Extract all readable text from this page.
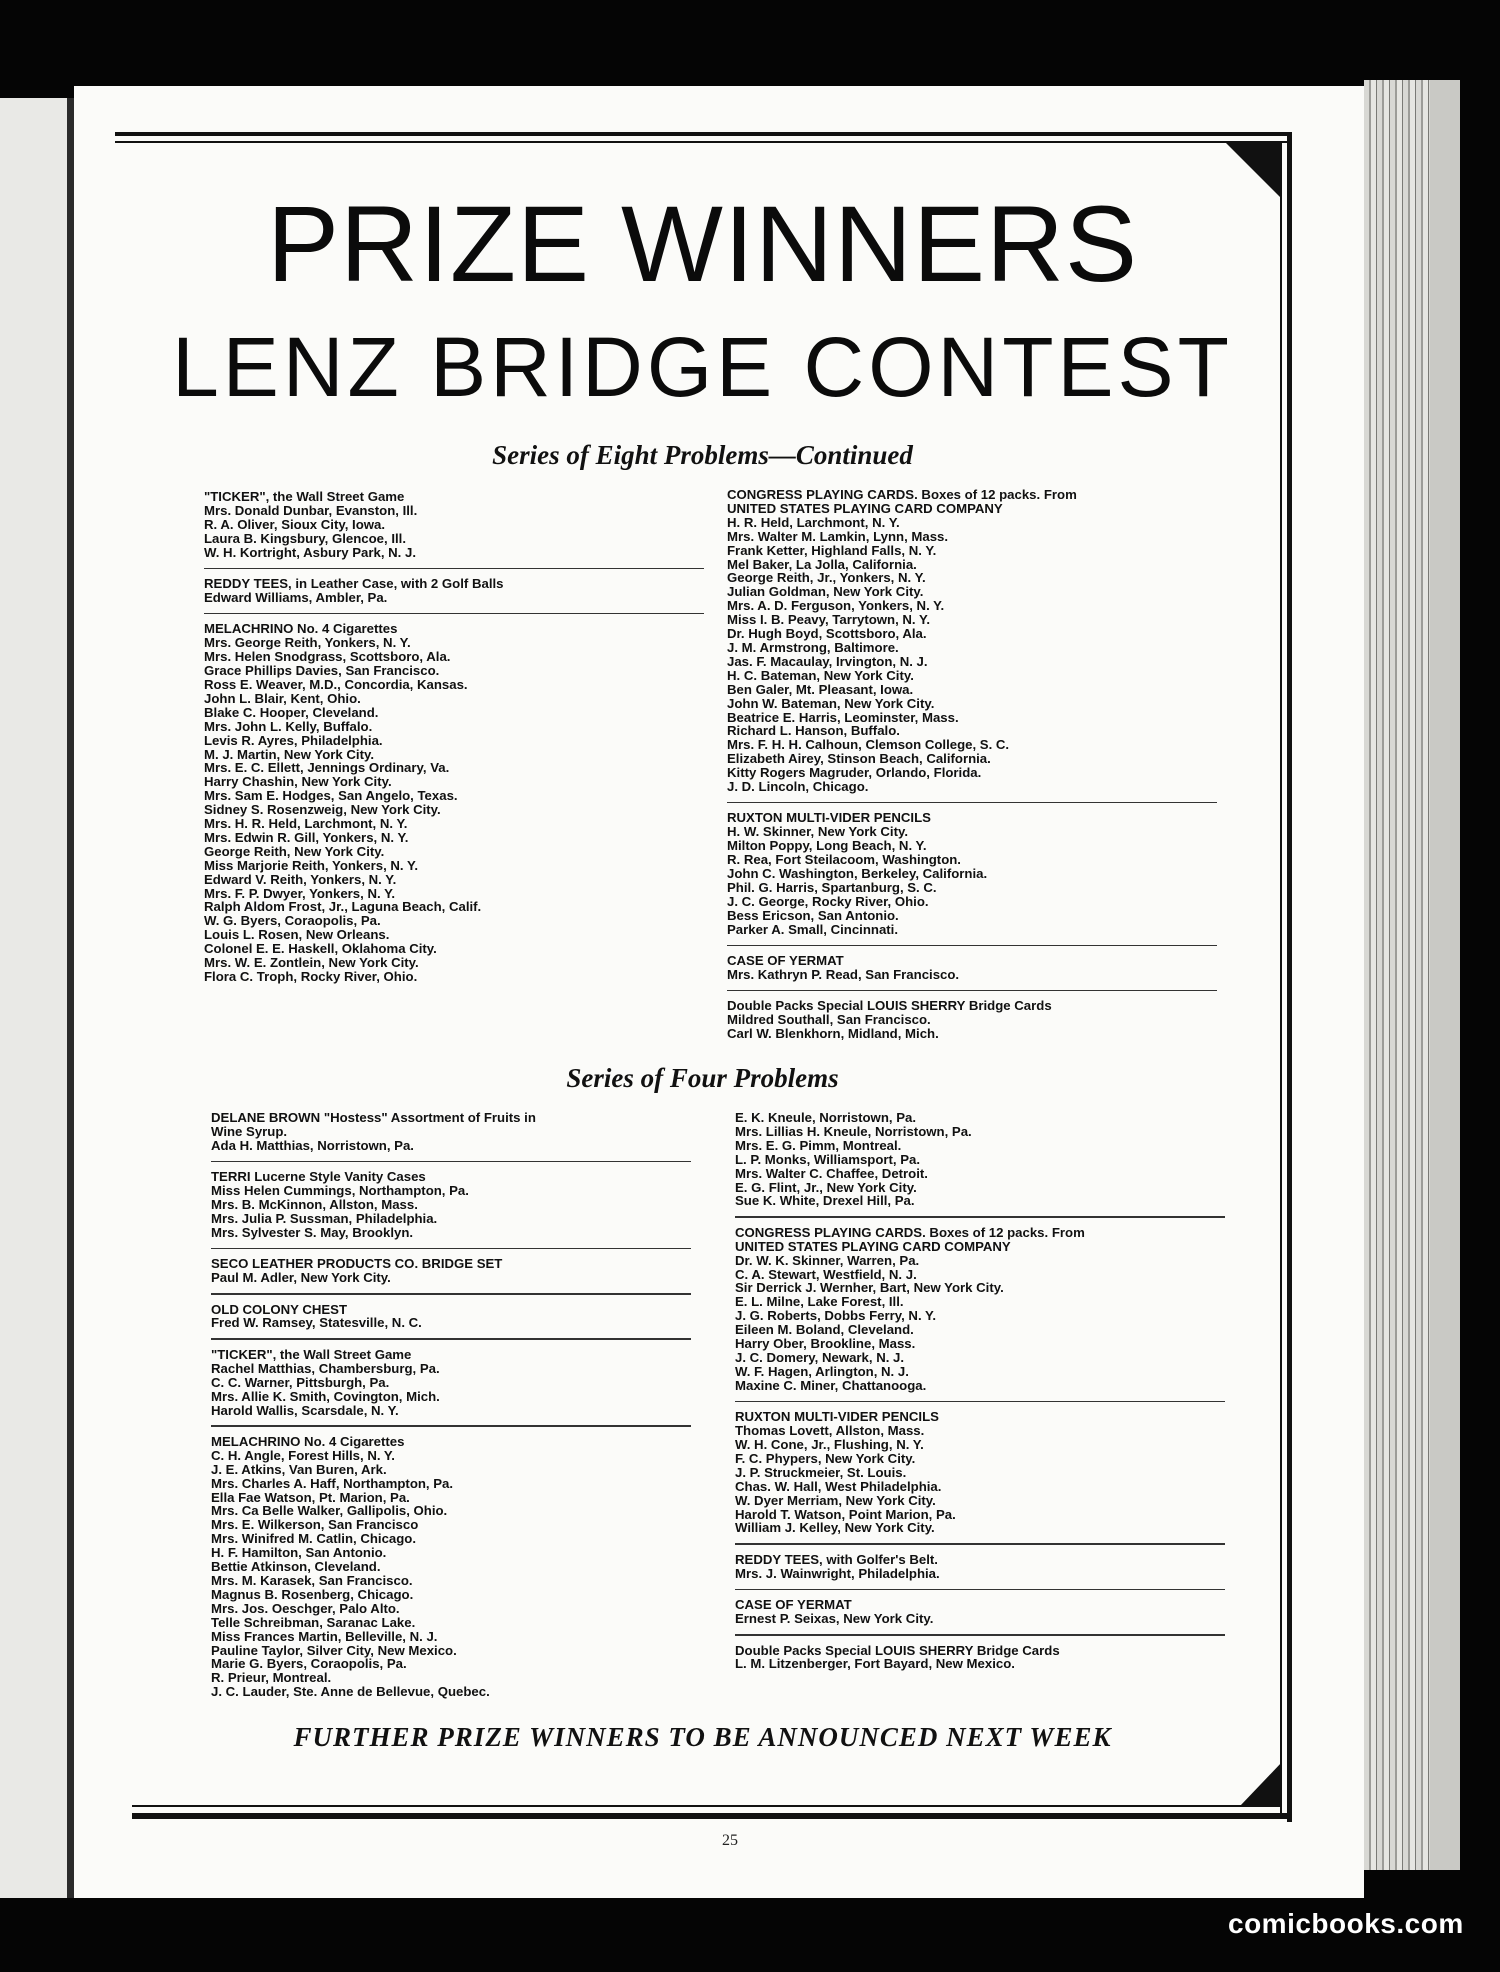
PRIZE WINNERS
LENZ BRIDGE CONTEST
Series of Eight Problems—Continued
"TICKER", the Wall Street Game
Mrs. Donald Dunbar, Evanston, Ill.
R. A. Oliver, Sioux City, Iowa.
Laura B. Kingsbury, Glencoe, Ill.
W. H. Kortright, Asbury Park, N. J.
REDDY TEES, in Leather Case, with 2 Golf Balls
Edward Williams, Ambler, Pa.
MELACHRINO No. 4 Cigarettes
Mrs. George Reith, Yonkers, N. Y.
Mrs. Helen Snodgrass, Scottsboro, Ala.
Grace Phillips Davies, San Francisco.
Ross E. Weaver, M.D., Concordia, Kansas.
John L. Blair, Kent, Ohio.
Blake C. Hooper, Cleveland.
Mrs. John L. Kelly, Buffalo.
Levis R. Ayres, Philadelphia.
M. J. Martin, New York City.
Mrs. E. C. Ellett, Jennings Ordinary, Va.
Harry Chashin, New York City.
Mrs. Sam E. Hodges, San Angelo, Texas.
Sidney S. Rosenzweig, New York City.
Mrs. H. R. Held, Larchmont, N. Y.
Mrs. Edwin R. Gill, Yonkers, N. Y.
George Reith, New York City.
Miss Marjorie Reith, Yonkers, N. Y.
Edward V. Reith, Yonkers, N. Y.
Mrs. F. P. Dwyer, Yonkers, N. Y.
Ralph Aldom Frost, Jr., Laguna Beach, Calif.
W. G. Byers, Coraopolis, Pa.
Louis L. Rosen, New Orleans.
Colonel E. E. Haskell, Oklahoma City.
Mrs. W. E. Zontlein, New York City.
Flora C. Troph, Rocky River, Ohio.
CONGRESS PLAYING CARDS. Boxes of 12 packs. From
UNITED STATES PLAYING CARD COMPANY
H. R. Held, Larchmont, N. Y.
Mrs. Walter M. Lamkin, Lynn, Mass.
Frank Ketter, Highland Falls, N. Y.
Mel Baker, La Jolla, California.
George Reith, Jr., Yonkers, N. Y.
Julian Goldman, New York City.
Mrs. A. D. Ferguson, Yonkers, N. Y.
Miss I. B. Peavy, Tarrytown, N. Y.
Dr. Hugh Boyd, Scottsboro, Ala.
J. M. Armstrong, Baltimore.
Jas. F. Macaulay, Irvington, N. J.
H. C. Bateman, New York City.
Ben Galer, Mt. Pleasant, Iowa.
John W. Bateman, New York City.
Beatrice E. Harris, Leominster, Mass.
Richard L. Hanson, Buffalo.
Mrs. F. H. H. Calhoun, Clemson College, S. C.
Elizabeth Airey, Stinson Beach, California.
Kitty Rogers Magruder, Orlando, Florida.
J. D. Lincoln, Chicago.
RUXTON MULTI-VIDER PENCILS
H. W. Skinner, New York City.
Milton Poppy, Long Beach, N. Y.
R. Rea, Fort Steilacoom, Washington.
John C. Washington, Berkeley, California.
Phil. G. Harris, Spartanburg, S. C.
J. C. George, Rocky River, Ohio.
Bess Ericson, San Antonio.
Parker A. Small, Cincinnati.
CASE OF YERMAT
Mrs. Kathryn P. Read, San Francisco.
Double Packs Special LOUIS SHERRY Bridge Cards
Mildred Southall, San Francisco.
Carl W. Blenkhorn, Midland, Mich.
Series of Four Problems
DELANE BROWN "Hostess" Assortment of Fruits in
Wine Syrup.
Ada H. Matthias, Norristown, Pa.
TERRI Lucerne Style Vanity Cases
Miss Helen Cummings, Northampton, Pa.
Mrs. B. McKinnon, Allston, Mass.
Mrs. Julia P. Sussman, Philadelphia.
Mrs. Sylvester S. May, Brooklyn.
SECO LEATHER PRODUCTS CO. BRIDGE SET
Paul M. Adler, New York City.
OLD COLONY CHEST
Fred W. Ramsey, Statesville, N. C.
"TICKER", the Wall Street Game
Rachel Matthias, Chambersburg, Pa.
C. C. Warner, Pittsburgh, Pa.
Mrs. Allie K. Smith, Covington, Mich.
Harold Wallis, Scarsdale, N. Y.
MELACHRINO No. 4 Cigarettes
C. H. Angle, Forest Hills, N. Y.
J. E. Atkins, Van Buren, Ark.
Mrs. Charles A. Haff, Northampton, Pa.
Ella Fae Watson, Pt. Marion, Pa.
Mrs. Ca Belle Walker, Gallipolis, Ohio.
Mrs. E. Wilkerson, San Francisco
Mrs. Winifred M. Catlin, Chicago.
H. F. Hamilton, San Antonio.
Bettie Atkinson, Cleveland.
Mrs. M. Karasek, San Francisco.
Magnus B. Rosenberg, Chicago.
Mrs. Jos. Oeschger, Palo Alto.
Telle Schreibman, Saranac Lake.
Miss Frances Martin, Belleville, N. J.
Pauline Taylor, Silver City, New Mexico.
Marie G. Byers, Coraopolis, Pa.
R. Prieur, Montreal.
J. C. Lauder, Ste. Anne de Bellevue, Quebec.
E. K. Kneule, Norristown, Pa.
Mrs. Lillias H. Kneule, Norristown, Pa.
Mrs. E. G. Pimm, Montreal.
L. P. Monks, Williamsport, Pa.
Mrs. Walter C. Chaffee, Detroit.
E. G. Flint, Jr., New York City.
Sue K. White, Drexel Hill, Pa.
CONGRESS PLAYING CARDS. Boxes of 12 packs. From
UNITED STATES PLAYING CARD COMPANY
Dr. W. K. Skinner, Warren, Pa.
C. A. Stewart, Westfield, N. J.
Sir Derrick J. Wernher, Bart, New York City.
E. L. Milne, Lake Forest, Ill.
J. G. Roberts, Dobbs Ferry, N. Y.
Eileen M. Boland, Cleveland.
Harry Ober, Brookline, Mass.
J. C. Domery, Newark, N. J.
W. F. Hagen, Arlington, N. J.
Maxine C. Miner, Chattanooga.
RUXTON MULTI-VIDER PENCILS
Thomas Lovett, Allston, Mass.
W. H. Cone, Jr., Flushing, N. Y.
F. C. Phypers, New York City.
J. P. Struckmeier, St. Louis.
Chas. W. Hall, West Philadelphia.
W. Dyer Merriam, New York City.
Harold T. Watson, Point Marion, Pa.
William J. Kelley, New York City.
REDDY TEES, with Golfer's Belt.
Mrs. J. Wainwright, Philadelphia.
CASE OF YERMAT
Ernest P. Seixas, New York City.
Double Packs Special LOUIS SHERRY Bridge Cards
L. M. Litzenberger, Fort Bayard, New Mexico.
FURTHER PRIZE WINNERS TO BE ANNOUNCED NEXT WEEK
25
comicbooks.com
